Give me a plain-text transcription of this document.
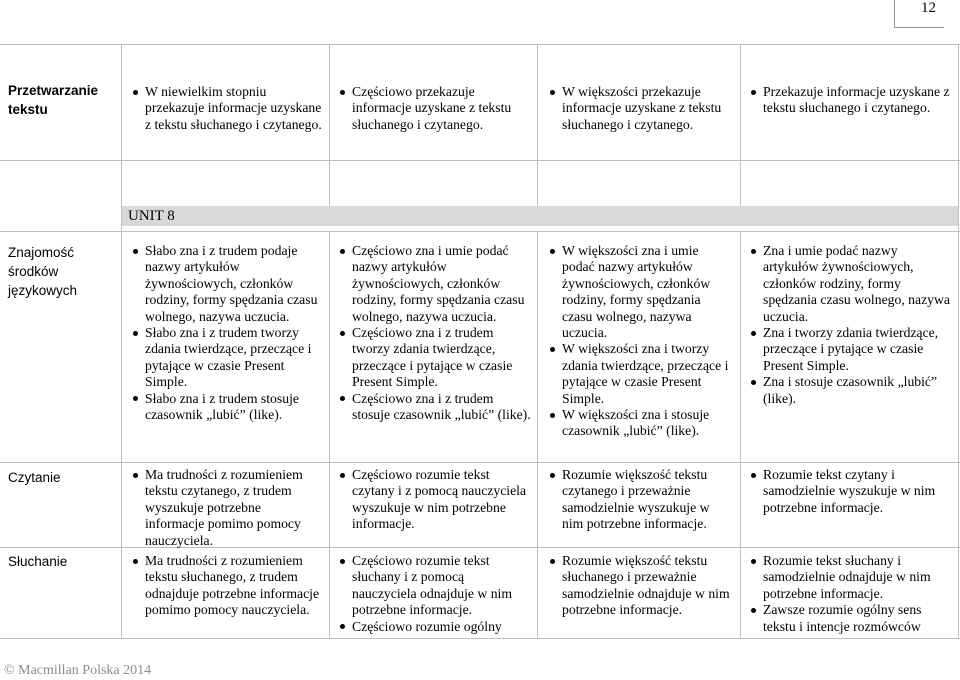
12
Przetwarzanie tekstu
W niewielkim stopniu przekazuje informacje uzyskane z tekstu słuchanego i czytanego.
Częściowo przekazuje informacje uzyskane z tekstu słuchanego i czytanego.
W większości przekazuje informacje uzyskane z tekstu słuchanego i czytanego.
Przekazuje informacje uzyskane z tekstu słuchanego i czytanego.
UNIT 8
Znajomość środków językowych
Słabo zna i z trudem podaje nazwy artykułów żywnościowych, członków rodziny, formy spędzania czasu wolnego, nazywa uczucia.
Słabo zna i z trudem tworzy zdania twierdzące, przeczące i pytające w czasie Present Simple.
Słabo zna i z trudem stosuje czasownik „lubić” (like).
Częściowo zna i umie podać nazwy artykułów żywnościowych, członków rodziny, formy spędzania czasu wolnego, nazywa uczucia.
Częściowo zna i z trudem tworzy zdania twierdzące, przeczące i pytające w czasie Present Simple.
Częściowo zna i z trudem stosuje czasownik „lubić” (like).
W większości zna i umie podać nazwy artykułów żywnościowych, członków rodziny, formy spędzania czasu wolnego, nazywa uczucia.
W większości zna i tworzy zdania twierdzące, przeczące i pytające w czasie Present Simple.
W większości zna i stosuje czasownik „lubić” (like).
Zna i umie podać nazwy artykułów żywnościowych, członków rodziny, formy spędzania czasu wolnego, nazywa uczucia.
Zna i tworzy zdania twierdzące, przeczące i pytające w czasie Present Simple.
Zna i stosuje czasownik „lubić” (like).
Czytanie	Ma trudności z rozumieniem tekstu czytanego, z trudem wyszukuje potrzebne informacje pomimo pomocy nauczyciela.
Częściowo rozumie tekst czytany i z pomocą nauczyciela wyszukuje w nim potrzebne informacje.
Rozumie większość tekstu czytanego i przeważnie samodzielnie wyszukuje w nim potrzebne informacje.
Rozumie tekst czytany i samodzielnie wyszukuje w nim potrzebne informacje.
Słuchanie	Ma trudności z rozumieniem tekstu słuchanego, z trudem odnajduje potrzebne informacje pomimo pomocy nauczyciela.
Częściowo rozumie tekst słuchany i z pomocą nauczyciela odnajduje w nim potrzebne informacje.
Częściowo rozumie ogólny
Rozumie większość tekstu słuchanego i przeważnie samodzielnie odnajduje w nim potrzebne informacje.
Rozumie tekst słuchany i samodzielnie odnajduje w nim potrzebne informacje.
Zawsze rozumie ogólny sens tekstu i intencje rozmówców
© Macmillan Polska 2014
